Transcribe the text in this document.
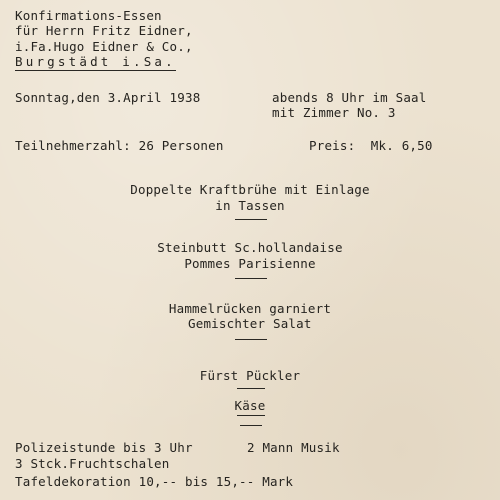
Konfirmations-Essen
für Herrn Fritz Eidner,
i.Fa.Hugo Eidner & Co.,
Burgstädt i.Sa.
Sonntag,den 3.April 1938	abends 8 Uhr im Saal
mit Zimmer No. 3
Teilnehmerzahl: 26 Personen	Preis:  Mk. 6,50
Doppelte Kraftbrühe mit Einlage
in Tassen
Steinbutt Sc.hollandaise
Pommes Parisienne
Hammelrücken garniert
Gemischter Salat
Fürst Pückler
Käse
Polizeistunde bis 3 Uhr	2 Mann Musik
3 Stck.Fruchtschalen
Tafeldekoration 10,-- bis 15,-- Mark
